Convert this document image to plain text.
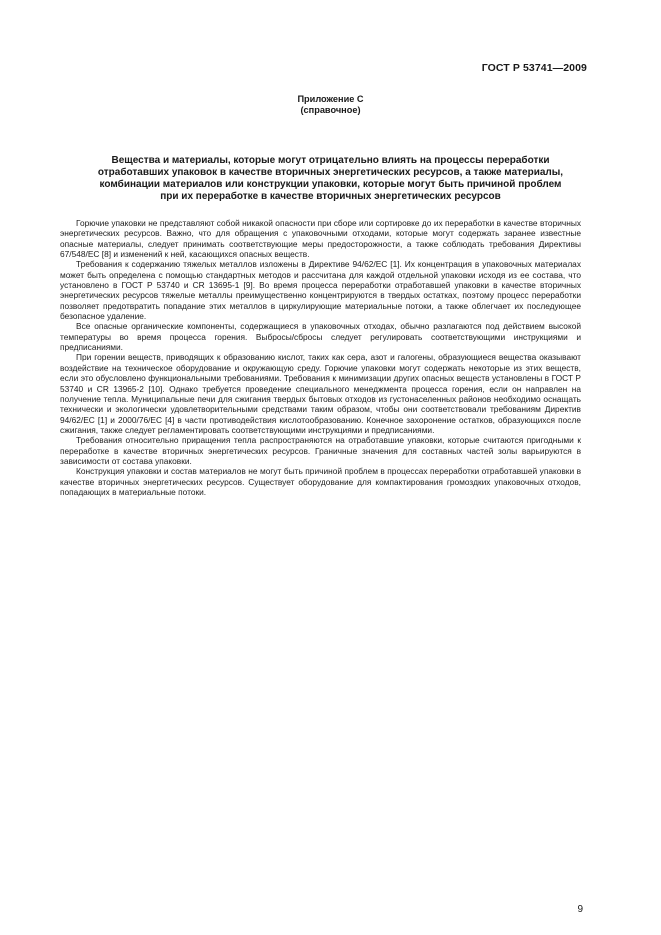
ГОСТ Р 53741—2009
Приложение С
(справочное)
Вещества и материалы, которые могут отрицательно влиять на процессы переработки
отработавших упаковок в качестве вторичных энергетических ресурсов, а также материалы,
комбинации материалов или конструкции упаковки, которые могут быть причиной проблем
при их переработке в качестве вторичных энергетических ресурсов

Горючие упаковки не представляют собой никакой опасности при сборе или сортировке до их переработки в качестве вторичных энергетических ресурсов. Важно, что для обращения с упаковочными отходами, которые могут содержать заранее известные опасные материалы, следует принимать соответствующие меры предосторожности, а также соблюдать требования Директивы 67/548/ЕС [8] и изменений к ней, касающихся опасных веществ.

Требования к содержанию тяжелых металлов изложены в Директиве 94/62/ЕС [1]. Их концентрация в упаковочных материалах может быть определена с помощью стандартных методов и рассчитана для каждой отдельной упаковки исходя из ее состава, что установлено в ГОСТ Р 53740 и CR 13695-1 [9]. Во время процесса переработки отработавшей упаковки в качестве вторичных энергетических ресурсов тяжелые металлы преимущественно концентрируются в твердых остатках, поэтому процесс переработки позволяет предотвратить попадание этих металлов в циркулирующие материальные потоки, а также облегчает их последующее безопасное удаление.

Все опасные органические компоненты, содержащиеся в упаковочных отходах, обычно разлагаются под действием высокой температуры во время процесса горения. Выбросы/сбросы следует регулировать соответствующими инструкциями и предписаниями.

При горении веществ, приводящих к образованию кислот, таких как сера, азот и галогены, образующиеся вещества оказывают воздействие на техническое оборудование и окружающую среду. Горючие упаковки могут содержать некоторые из этих веществ, если это обусловлено функциональными требованиями. Требования к минимизации других опасных веществ установлены в ГОСТ Р 53740 и CR 13965-2 [10]. Однако требуется проведение специального менеджмента процесса горения, если он направлен на получение тепла. Муниципальные печи для сжигания твердых бытовых отходов из густонаселенных районов необходимо оснащать технически и экологически удовлетворительными средствами таким образом, чтобы они соответствовали требованиям Директив 94/62/ЕС [1] и 2000/76/ЕС [4] в части противодействия кислотообразованию. Конечное захоронение остатков, образующихся после сжигания, также следует регламентировать соответствующими инструкциями и предписаниями.

Требования относительно приращения тепла распространяются на отработавшие упаковки, которые считаются пригодными к переработке в качестве вторичных энергетических ресурсов. Граничные значения для составных частей золы варьируются в зависимости от состава упаковки.

Конструкция упаковки и состав материалов не могут быть причиной проблем в процессах переработки отработавшей упаковки в качестве вторичных энергетических ресурсов. Существует оборудование для компактирования громоздких упаковочных отходов, попадающих в материальные потоки.

9
